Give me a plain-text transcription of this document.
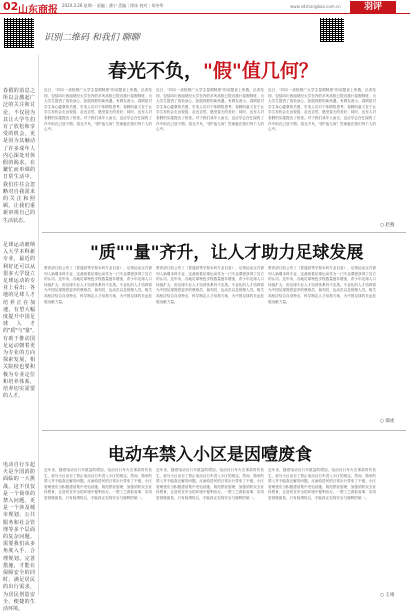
02 山东商报 2024.3.26 星期一 责编｜潘宁 美编｜徐冰 校对｜胡冬华	www.sdshangbao.com.cn	羽评
识别二维码 和我们 聊聊
春假的消息之所以会激起广泛的关注和讨论，不仅因为其让大学生们有了放松和享受的机会，更是因为其触动了许多成年人内心深处对休假的渴求。在繁忙而单调的日常生活中，我们往往会忽略对自我需求的关注和照顾。让我们重新审视自己的生活状态。
足球运动被纳入大学本科新专业，最近的利好还可以从很多大学设立足球运动的专业上看出：各地的足球人才培养正在加速，有望大幅度提升中国足球人才的"质"与"量"，有助于推动国足运动朝着更为专业的方向探索发展，相关院校也要积极为专业定位和培养体系，培养切实需要的人才。
电动自行车起火是全国消防面临的一大挑战，这不仅仅是一个简单的禁入问题，更是一个涉及城市规划、公共服务和社会管理等多个层面的复杂问题。需要我们从多角度入手，合理规划、完善措施，才能在保障安全的同时，满足居民的出行需求，为居民创造安全、便捷的生活环境。
春光不负，"假"值几何？
近日，"四川一高校推广大学生春假制度"的话题登上热搜。记者发现，包括四川西南财经大学在内的多所高校已提出推行春假制度，为大学生提供了放松身心、拓展视野的新机遇。有网友表示，春假是对学生身心健康的关照，引发人们对于休假的思考。春假的意义在于让学生有机会走出校园，亲近自然，感受春天的美好；同时，也有人对春假的实施提出了担忧。对于我们成年人而言，也应学会在忙碌的工作中给自己放个假。春光不负，"假"值几何？答案就在我们每个人的心中。
近日，"四川一高校推广大学生春假制度"的话题登上热搜。记者发现，包括四川西南财经大学在内的多所高校已提出推行春假制度，为大学生提供了放松身心、拓展视野的新机遇。有网友表示，春假是对学生身心健康的关照，引发人们对于休假的思考。春假的意义在于让学生有机会走出校园，亲近自然，感受春天的美好；同时，也有人对春假的实施提出了担忧。对于我们成年人而言，也应学会在忙碌的工作中给自己放个假。春光不负，"假"值几何？答案就在我们每个人的心中。
近日，"四川一高校推广大学生春假制度"的话题登上热搜。记者发现，包括四川西南财经大学在内的多所高校已提出推行春假制度，为大学生提供了放松身心、拓展视野的新机遇。有网友表示，春假是对学生身心健康的关照，引发人们对于休假的思考。春假的意义在于让学生有机会走出校园，亲近自然，感受春天的美好；同时，也有人对春假的实施提出了担忧。对于我们成年人而言，也应学会在忙碌的工作中给自己放个假。春光不负，"假"值几何？答案就在我们每个人的心中。
○ 赵燕
"质""量"齐升，让人才助力足球发展
教育部日前公布了《普通高等学校本科专业目录》，足球运动正式被列入新增本科专业，这意味着足球运动作为一门专业课程获得了官方的认可。近年来，各地足球特色学校数量逐年增加，青少年足球人口持续扩大，但足球专业人才培养体系仍不完善。专业化的人才培养将为中国足球提供更多的教练员、裁判员、运动员以及管理人员。相关高校应结合自身特点，科学制定人才培养方案，为中国足球的长远发展贡献力量。
教育部日前公布了《普通高等学校本科专业目录》，足球运动正式被列入新增本科专业，这意味着足球运动作为一门专业课程获得了官方的认可。近年来，各地足球特色学校数量逐年增加，青少年足球人口持续扩大，但足球专业人才培养体系仍不完善。专业化的人才培养将为中国足球提供更多的教练员、裁判员、运动员以及管理人员。相关高校应结合自身特点，科学制定人才培养方案，为中国足球的长远发展贡献力量。
教育部日前公布了《普通高等学校本科专业目录》，足球运动正式被列入新增本科专业，这意味着足球运动作为一门专业课程获得了官方的认可。近年来，各地足球特色学校数量逐年增加，青少年足球人口持续扩大，但足球专业人才培养体系仍不完善。专业化的人才培养将为中国足球提供更多的教练员、裁判员、运动员以及管理人员。相关高校应结合自身特点，科学制定人才培养方案，为中国足球的长远发展贡献力量。
○ 郝虎
电动车禁入小区是因噎废食
近年来，随着电动自行车数量的增加，电动自行车火灾事故时有发生，部分小区出台了禁止电动自行车进入小区的规定。然而，简单的禁入并不能真正解决问题，反而给居民的日常出行带来了不便。小区管理者应当积极建设集中充电设施，规范停放管理，加强消防安全宣传教育，让居民在安全的环境中便利出行。一禁了之看似省事，实则是因噎废食，只有疏堵结合，才能真正实现安全与便利的统一。
近年来，随着电动自行车数量的增加，电动自行车火灾事故时有发生，部分小区出台了禁止电动自行车进入小区的规定。然而，简单的禁入并不能真正解决问题，反而给居民的日常出行带来了不便。小区管理者应当积极建设集中充电设施，规范停放管理，加强消防安全宣传教育，让居民在安全的环境中便利出行。一禁了之看似省事，实则是因噎废食，只有疏堵结合，才能真正实现安全与便利的统一。
近年来，随着电动自行车数量的增加，电动自行车火灾事故时有发生，部分小区出台了禁止电动自行车进入小区的规定。然而，简单的禁入并不能真正解决问题，反而给居民的日常出行带来了不便。小区管理者应当积极建设集中充电设施，规范停放管理，加强消防安全宣传教育，让居民在安全的环境中便利出行。一禁了之看似省事，实则是因噎废食，只有疏堵结合，才能真正实现安全与便利的统一。
○ 王靖
